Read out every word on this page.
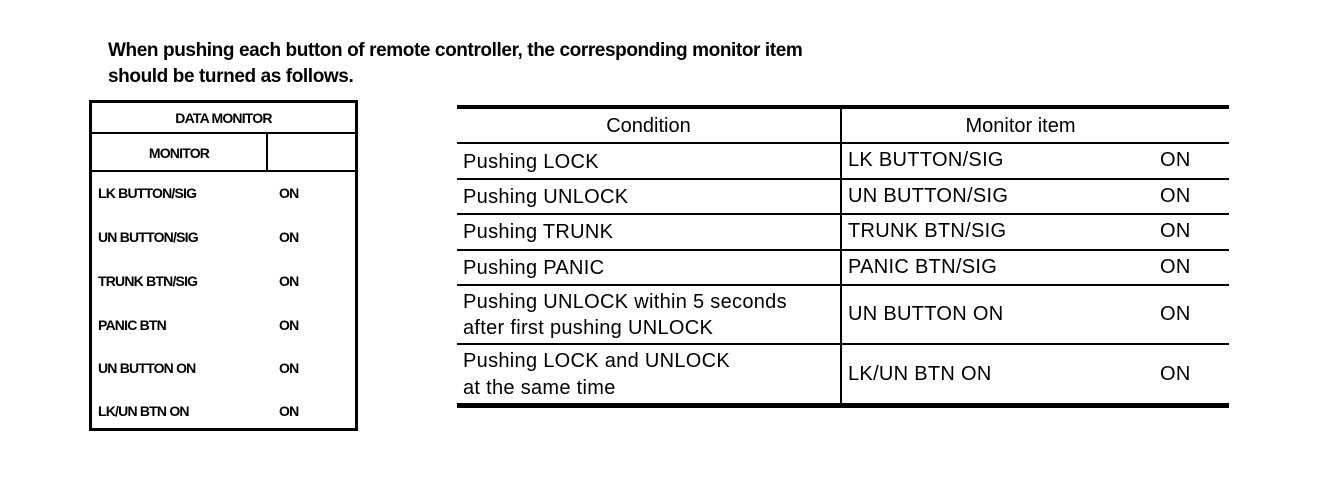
When pushing each button of remote controller, the corresponding monitor item
should be turned as follows.
DATA MONITOR
MONITOR
LK BUTTON/SIG	ON
UN BUTTON/SIG	ON
TRUNK BTN/SIG	ON
PANIC BTN	ON
UN BUTTON ON	ON
LK/UN BTN ON	ON
Condition	Monitor item
Pushing LOCK	LK BUTTON/SIG	ON
Pushing UNLOCK	UN BUTTON/SIG	ON
Pushing TRUNK	TRUNK BTN/SIG	ON
Pushing PANIC	PANIC BTN/SIG	ON
Pushing UNLOCK within 5 seconds
after first pushing UNLOCK
UN BUTTON ON	ON
Pushing LOCK and UNLOCK
at the same time
LK/UN BTN ON	ON
